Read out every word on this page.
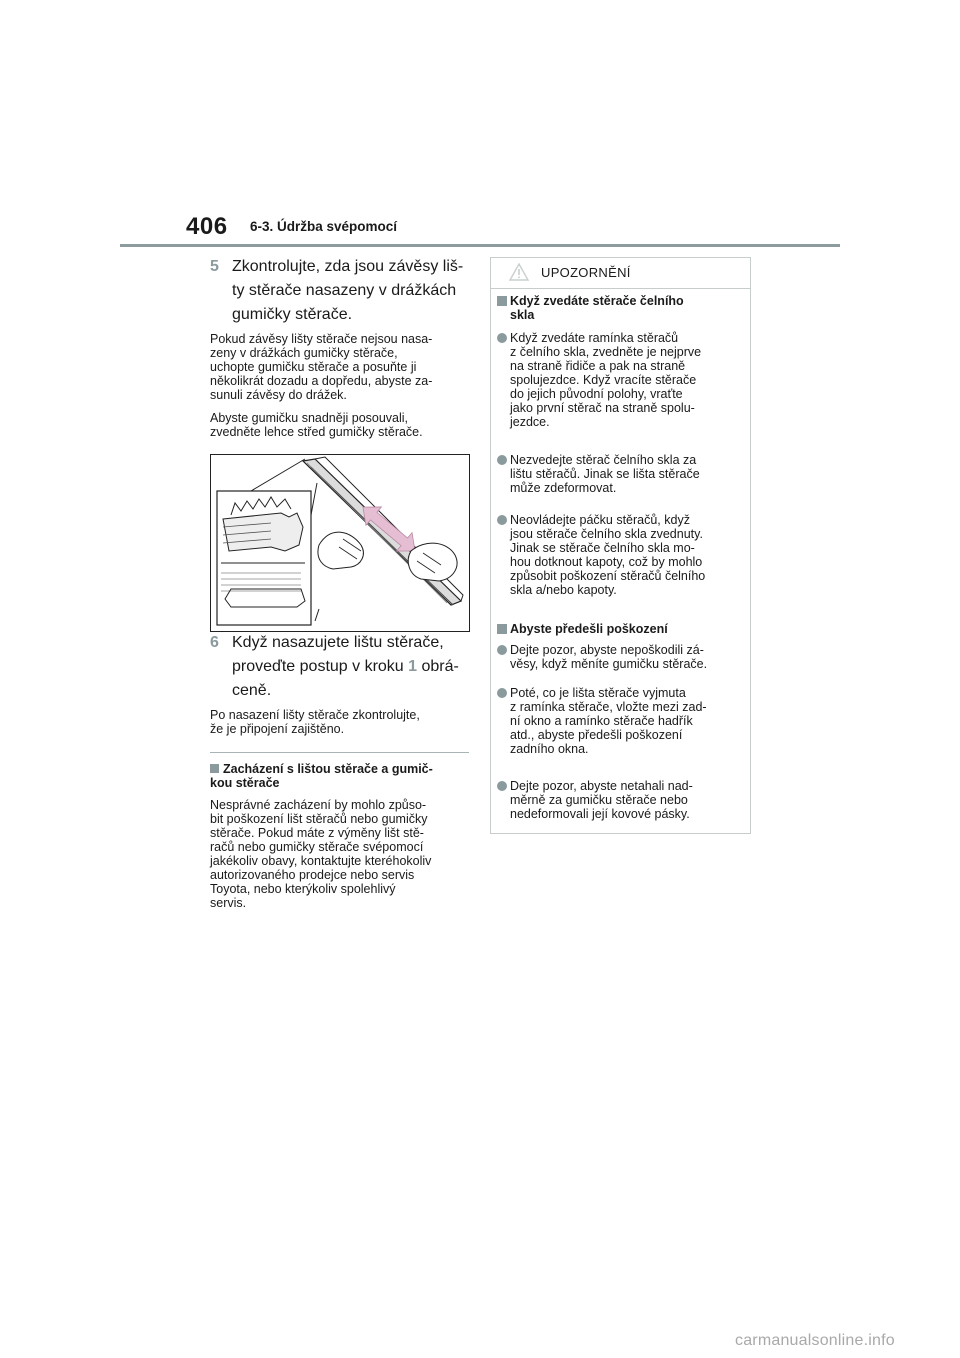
406 6-3. Údržba svépomocí
5 Zkontrolujte, zda jsou závěsy liš-
ty stěrače nasazeny v drážkách
gumičky stěrače.
Pokud závěsy lišty stěrače nejsou nasa-
zeny v drážkách gumičky stěrače,
uchopte gumičku stěrače a posuňte ji
několikrát dozadu a dopředu, abyste za-
sunuli závěsy do drážek.
Abyste gumičku snadněji posouvali,
zvedněte lehce střed gumičky stěrače.
6 Když nasazujete lištu stěrače,
proveďte postup v kroku 1 obrá-
ceně.
Po nasazení lišty stěrače zkontrolujte,
že je připojení zajištěno.
Zacházení s lištou stěrače a gumič-
kou stěrače
Nesprávné zacházení by mohlo způso-
bit poškození lišt stěračů nebo gumičky
stěrače. Pokud máte z výměny lišt stě-
račů nebo gumičky stěrače svépomocí
jakékoliv obavy, kontaktujte kteréhokoliv
autorizovaného prodejce nebo servis
Toyota, nebo kterýkoliv spolehlivý
servis.
UPOZORNĚNÍ
Když zvedáte stěrače čelního
skla
Když zvedáte ramínka stěračů
z čelního skla, zvedněte je nejprve
na straně řidiče a pak na straně
spolujezdce. Když vracíte stěrače
do jejich původní polohy, vraťte
jako první stěrač na straně spolu-
jezdce.
Nezvedejte stěrač čelního skla za
lištu stěračů. Jinak se lišta stěrače
může zdeformovat.
Neovládejte páčku stěračů, když
jsou stěrače čelního skla zvednuty.
Jinak se stěrače čelního skla mo-
hou dotknout kapoty, což by mohlo
způsobit poškození stěračů čelního
skla a/nebo kapoty.
Abyste předešli poškození
Dejte pozor, abyste nepoškodili zá-
věsy, když měníte gumičku stěrače.
Poté, co je lišta stěrače vyjmuta
z ramínka stěrače, vložte mezi zad-
ní okno a ramínko stěrače hadřík
atd., abyste předešli poškození
zadního okna.
Dejte pozor, abyste netahali nad-
měrně za gumičku stěrače nebo
nedeformovali její kovové pásky.
carmanualsonline.info
